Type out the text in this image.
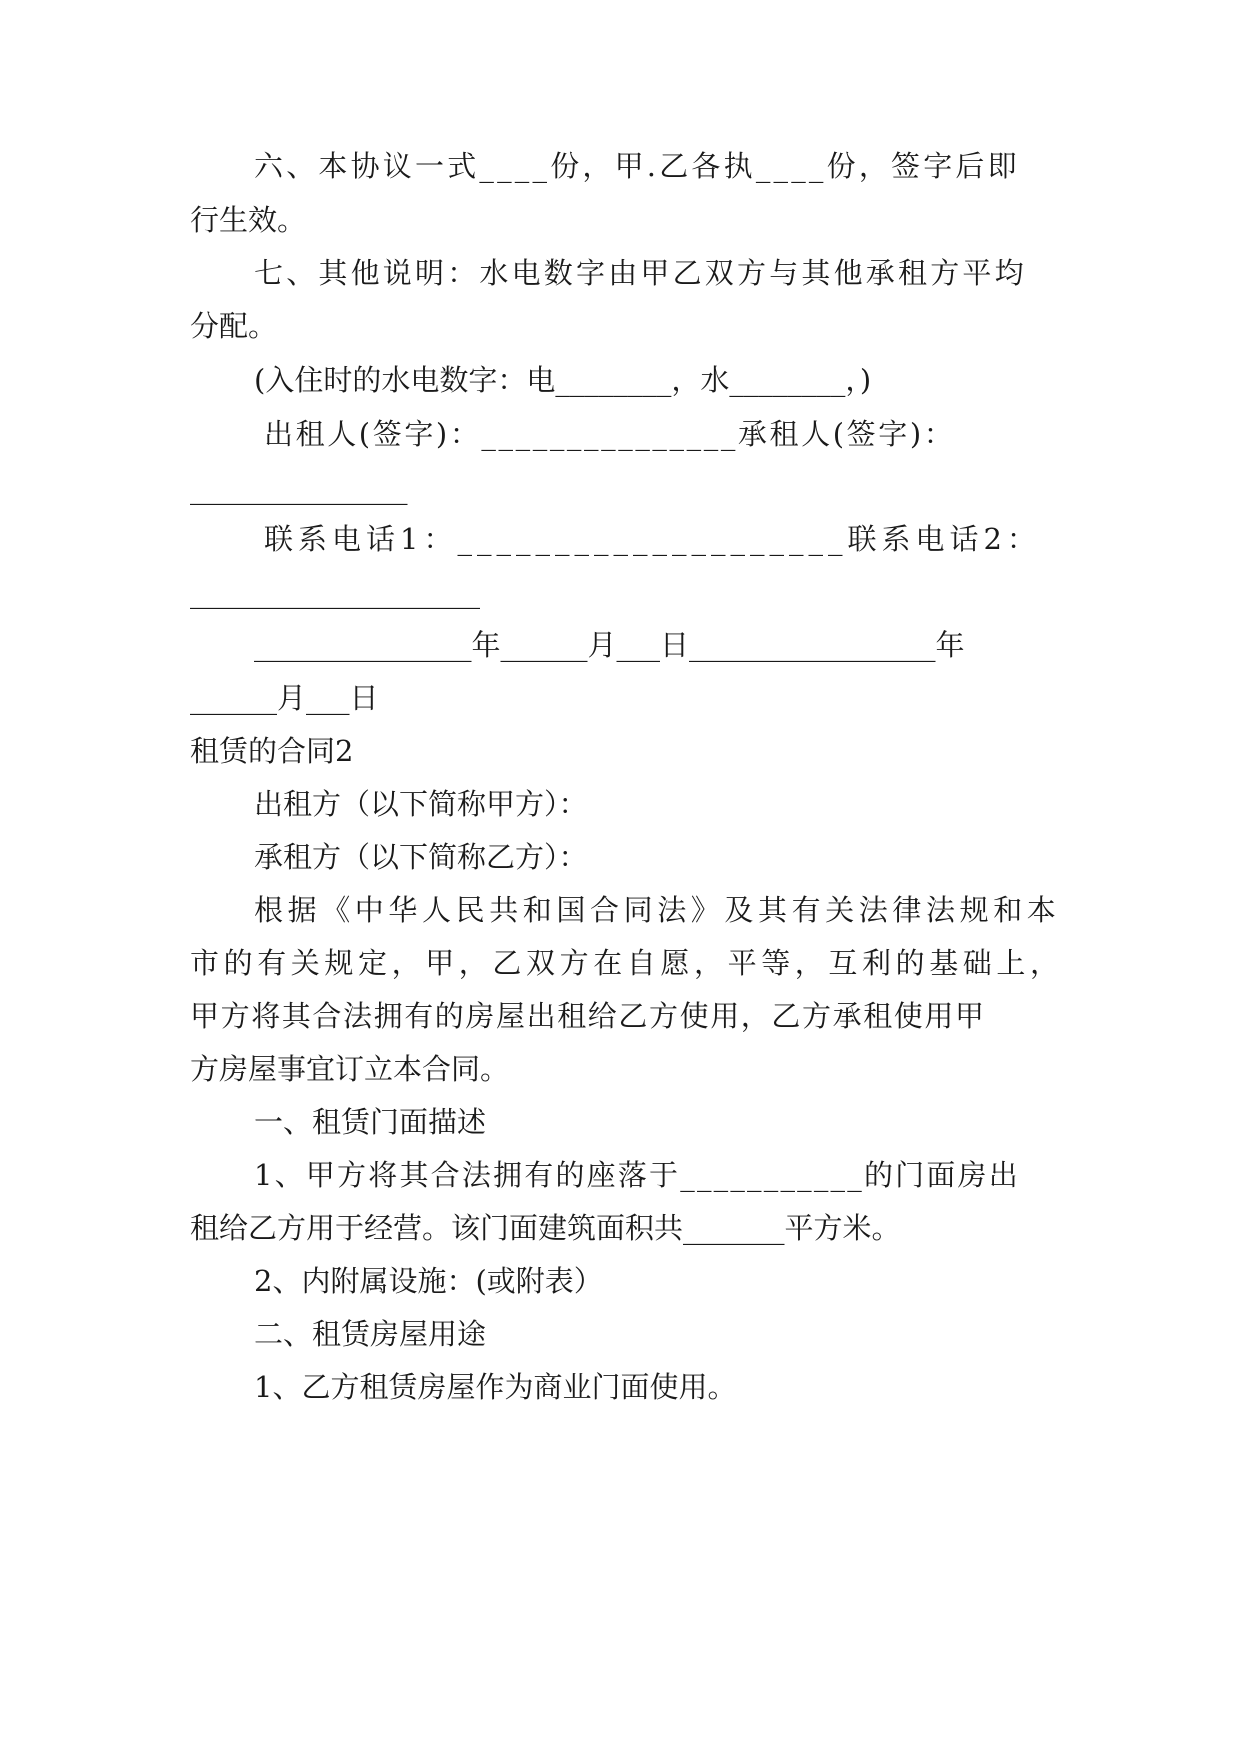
六、本协议一式____份，甲.乙各执____份，签字后即

行生效。

七、其他说明：水电数字由甲乙双方与其他承租方平均

分配。

(入住时的水电数字：电________，水________，)

出租人(签字)：_______________承租人(签字)：

_______________

联系电话1：____________________联系电话2：

____________________

_______________年______月___日_________________年

______月___日

租赁的合同2

出租方（以下简称甲方）：

承租方（以下简称乙方）：

根据《中华人民共和国合同法》及其有关法律法规和本

市的有关规定，甲，乙双方在自愿，平等，互利的基础上，

甲方将其合法拥有的房屋出租给乙方使用，乙方承租使用甲

方房屋事宜订立本合同。

一、租赁门面描述

1、甲方将其合法拥有的座落于___________的门面房出

租给乙方用于经营。该门面建筑面积共_______平方米。

2、内附属设施：(或附表）

二、租赁房屋用途

1、乙方租赁房屋作为商业门面使用。
